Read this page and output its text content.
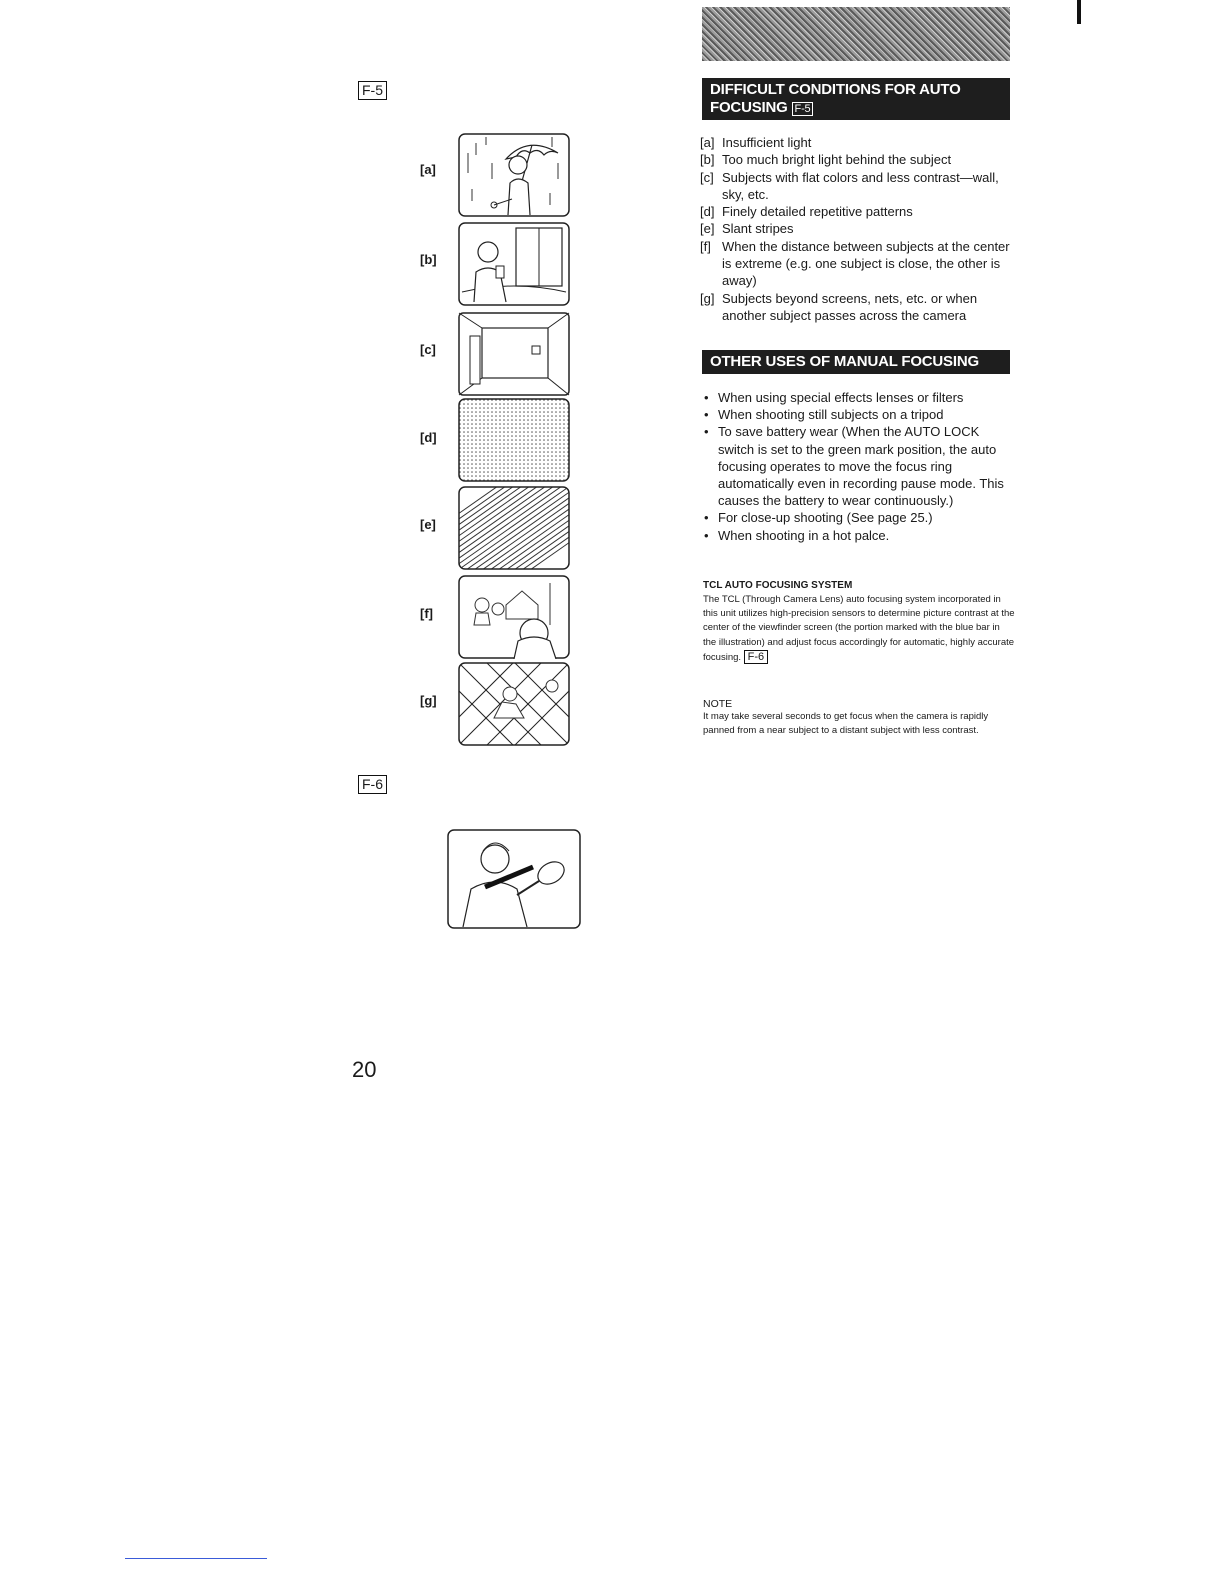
F-5
[a]
[b]
[c]
[d]
[e]
[f]
[g]
F-6
DIFFICULT CONDITIONS FOR AUTO
FOCUSING F-5
[a] Insufficient light
[b] Too much bright light behind the subject
[c] Subjects with flat colors and less contrast—wall, sky, etc.
[d] Finely detailed repetitive patterns
[e] Slant stripes
[f] When the distance between subjects at the center is extreme (e.g. one subject is close, the other is away)
[g] Subjects beyond screens, nets, etc. or when another subject passes across the camera
OTHER USES OF MANUAL FOCUSING
• When using special effects lenses or filters
• When shooting still subjects on a tripod
• To save battery wear (When the AUTO LOCK switch is set to the green mark position, the auto focusing operates to move the focus ring automatically even in recording pause mode. This causes the battery to wear continuously.)
• For close-up shooting (See page 25.)
• When shooting in a hot palce.
TCL AUTO FOCUSING SYSTEM
The TCL (Through Camera Lens) auto focusing system incorporated in this unit utilizes high-precision sensors to determine picture contrast at the center of the viewfinder screen (the portion marked with the blue bar in the illustration) and adjust focus accordingly for automatic, highly accurate focusing. F-6
NOTE
It may take several seconds to get focus when the camera is rapidly panned from a near subject to a distant subject with less contrast.
20
